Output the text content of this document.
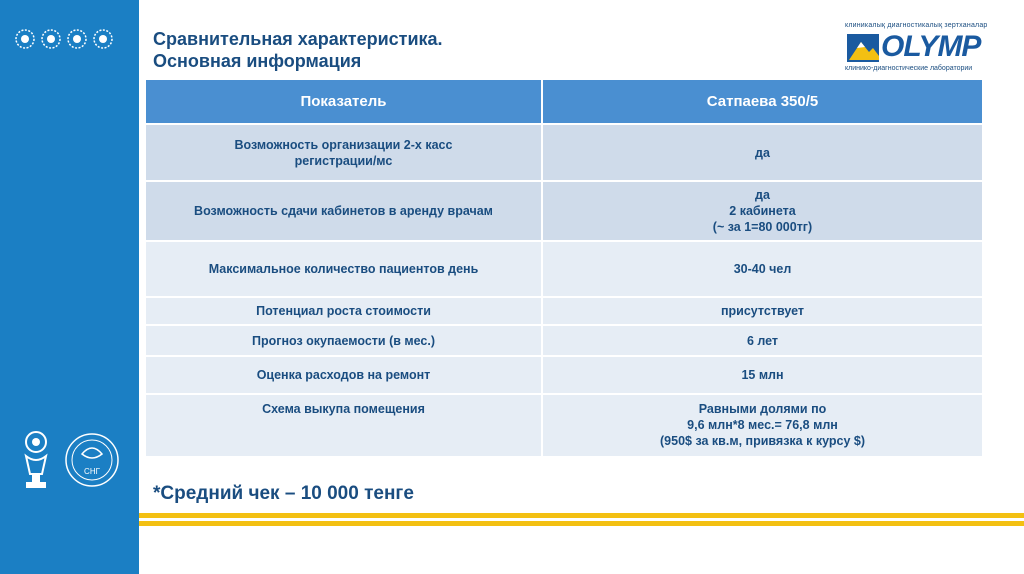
СНГ
Сравнительная характеристика.
Основная информация
клиникалық диагностикалық зертханалар
OLYMP
клинико-диагностические лаборатории
Показатель	Сатпаева 350/5
Возможность организации 2-х касс регистрации/мс	да

Возможность сдачи кабинетов в аренду врачам	да
2 кабинета
(~ за 1=80 000тг)

Максимальное количество пациентов день	30-40 чел

Потенциал роста стоимости	присутствует

Прогноз окупаемости (в мес.)	6 лет

Оценка расходов на ремонт	15 млн

Схема выкупа помещения	Равными долями по
9,6 млн*8 мес.= 76,8 млн
(950$ за кв.м, привязка к курсу $)
*Средний чек – 10 000 тенге
